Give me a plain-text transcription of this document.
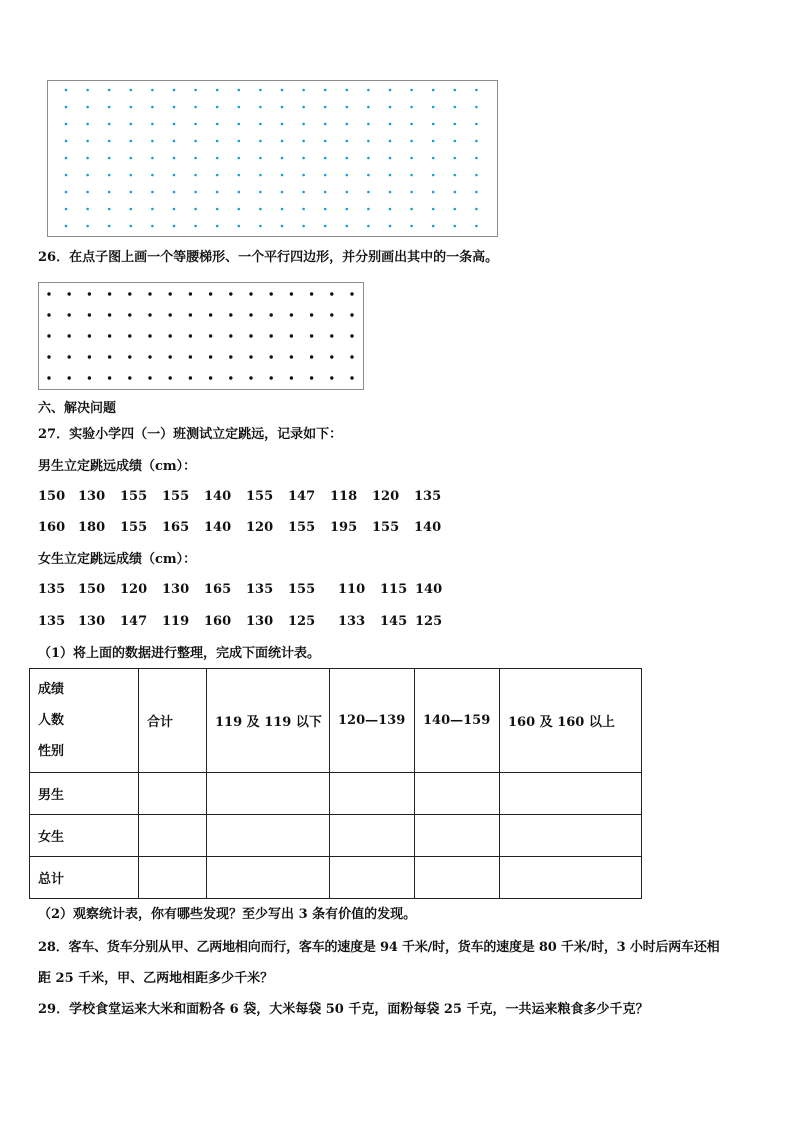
26．在点子图上画一个等腰梯形、一个平行四边形，并分别画出其中的一条高。
六、解决问题
27．实验小学四（一）班测试立定跳远，记录如下：
男生立定跳远成绩（cm）：
150 130 155 155 140 155 147 118 120 135
160 180 155 165 140 120 155 195 155 140
女生立定跳远成绩（cm）：
135 150 120 130 165 135 155 110 115 140
135 130 147 119 160 130 125 133 145 125
（1）将上面的数据进行整理，完成下面统计表。
成绩
人数
性别	合计	119 及 119 以下	120—139	140—159	160 及 160 以上
男生					
女生					
总计					
（2）观察统计表，你有哪些发现？至少写出 3 条有价值的发现。
28．客车、货车分别从甲、乙两地相向而行，客车的速度是 94 千米/时，货车的速度是 80 千米/时，3 小时后两车还相
距 25 千米，甲、乙两地相距多少千米？
29．学校食堂运来大米和面粉各 6 袋，大米每袋 50 千克，面粉每袋 25 千克，一共运来粮食多少千克？
